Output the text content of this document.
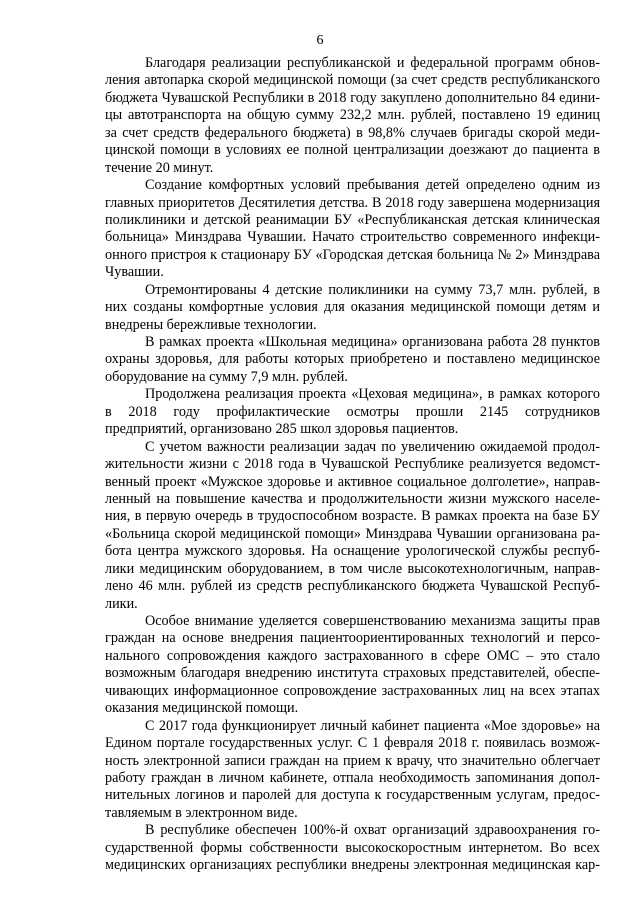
6
Благодаря реализации республиканской и федеральной программ обнов-
ления автопарка скорой медицинской помощи (за счет средств республиканского
бюджета Чувашской Республики в 2018 году закуплено дополнительно 84 едини-
цы автотранспорта на общую сумму 232,2 млн. рублей, поставлено 19 единиц
за счет средств федерального бюджета) в 98,8% случаев бригады скорой меди-
цинской помощи в условиях ее полной централизации доезжают до пациента в
течение 20 минут.
Создание комфортных условий пребывания детей определено одним из
главных приоритетов Десятилетия детства. В 2018 году завершена модернизация
поликлиники и детской реанимации БУ «Республиканская детская клиническая
больница» Минздрава Чувашии. Начато строительство современного инфекци-
онного пристроя к стационару БУ «Городская детская больница № 2» Минздрава
Чувашии.
Отремонтированы 4 детские поликлиники на сумму 73,7 млн. рублей, в
них созданы комфортные условия для оказания медицинской помощи детям и
внедрены бережливые технологии.
В рамках проекта «Школьная медицина» организована работа 28 пунктов
охраны здоровья, для работы которых приобретено и поставлено медицинское
оборудование на сумму 7,9 млн. рублей.
Продолжена реализация проекта «Цеховая медицина», в рамках которого
в 2018 году профилактические осмотры прошли 2145 сотрудников
предприятий, организовано 285 школ здоровья пациентов.
С учетом важности реализации задач по увеличению ожидаемой продол-
жительности жизни с 2018 года в Чувашской Республике реализуется ведомст-
венный проект «Мужское здоровье и активное социальное долголетие», направ-
ленный на повышение качества и продолжительности жизни мужского населе-
ния, в первую очередь в трудоспособном возрасте. В рамках проекта на базе БУ
«Больница скорой медицинской помощи» Минздрава Чувашии организована ра-
бота центра мужского здоровья. На оснащение урологической службы респуб-
лики медицинским оборудованием, в том числе высокотехнологичным, направ-
лено 46 млн. рублей из средств республиканского бюджета Чувашской Респуб-
лики.
Особое внимание уделяется совершенствованию механизма защиты прав
граждан на основе внедрения пациентоориентированных технологий и персо-
нального сопровождения каждого застрахованного в сфере ОМС – это стало
возможным благодаря внедрению института страховых представителей, обеспе-
чивающих информационное сопровождение застрахованных лиц на всех этапах
оказания медицинской помощи.
С 2017 года функционирует личный кабинет пациента «Мое здоровье» на
Едином портале государственных услуг. С 1 февраля 2018 г. появилась возмож-
ность электронной записи граждан на прием к врачу, что значительно облегчает
работу граждан в личном кабинете, отпала необходимость запоминания допол-
нительных логинов и паролей для доступа к государственным услугам, предос-
тавляемым в электронном виде.
В республике обеспечен 100%-й охват организаций здравоохранения го-
сударственной формы собственности высокоскоростным интернетом. Во всех
медицинских организациях республики внедрены электронная медицинская кар-
